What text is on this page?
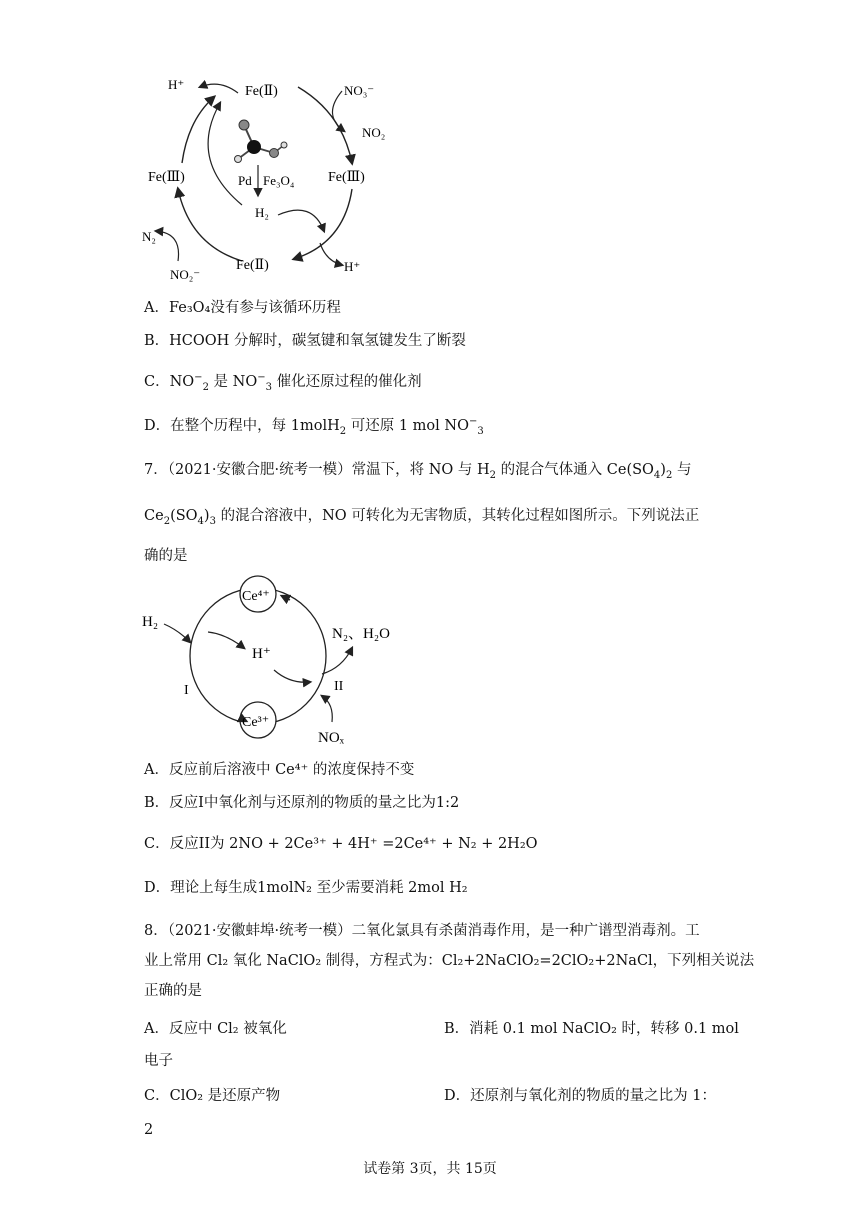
H⁺	Fe(Ⅱ)	NO₃⁻
NO₂
Fe(Ⅲ)	Fe(Ⅲ)
Pd Fe₃O₄
H₂
N₂
Fe(Ⅱ)	H⁺
NO₂⁻
A．Fe₃O₄没有参与该循环历程
B．HCOOH 分解时，碳氢键和氧氢键发生了断裂
C．$NO^-_2$ 是 $NO^-_3$ 催化还原过程的催化剂
D．在整个历程中，每 1molH$_2$ 可还原 1 mol $NO^-_3$
7．（2021·安徽合肥·统考一模）常温下，将 NO 与 $H_2$ 的混合气体通入 $Ce(SO_4)_2$ 与
$Ce_2(SO_4)_3$ 的混合溶液中，NO 可转化为无害物质，其转化过程如图所示。下列说法正
确的是
Ce⁴⁺
Ce³⁺
H₂
H⁺
N₂、H₂O
I	II
NOₓ
A．反应前后溶液中 Ce⁴⁺ 的浓度保持不变
B．反应I中氧化剂与还原剂的物质的量之比为1:2
C．反应II为 2NO + 2Ce³⁺ + 4H⁺ =2Ce⁴⁺ + N₂ + 2H₂O
D．理论上每生成1molN₂ 至少需要消耗 2mol H₂
8．（2021·安徽蚌埠·统考一模）二氧化氯具有杀菌消毒作用，是一种广谱型消毒剂。工
业上常用 Cl₂ 氧化 NaClO₂ 制得，方程式为：Cl₂+2NaClO₂=2ClO₂+2NaCl，下列相关说法
正确的是
A．反应中 Cl₂ 被氧化	B．消耗 0.1 mol NaClO₂ 时，转移 0.1 mol
电子
C．ClO₂ 是还原产物	D．还原剂与氧化剂的物质的量之比为 1：
2
试卷第 3页，共 15页
